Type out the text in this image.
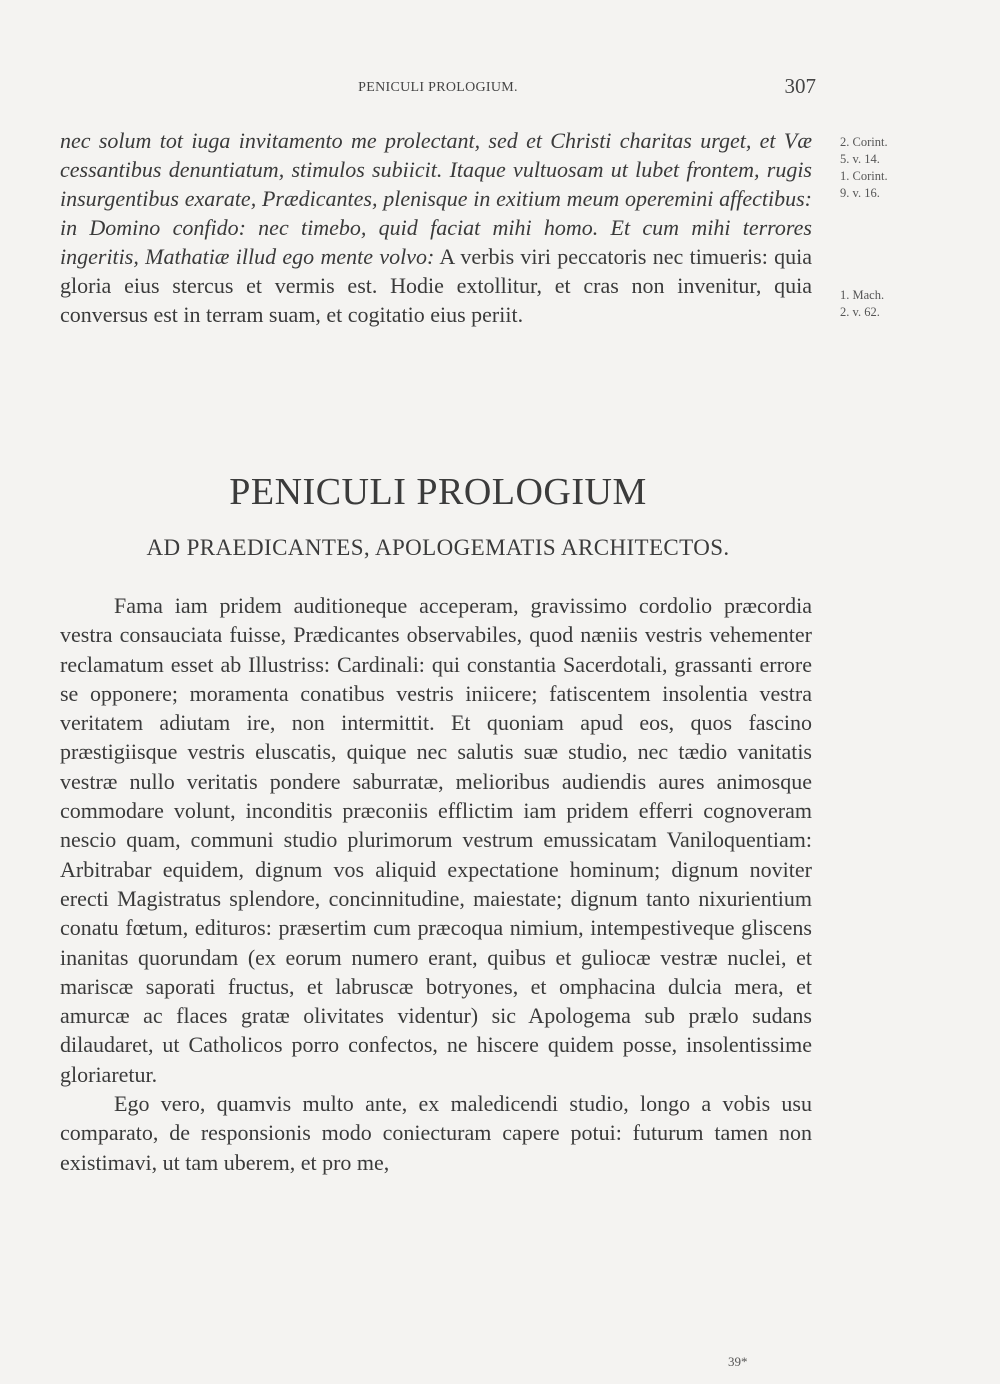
PENICULI PROLOGIUM.	307
nec solum tot iuga invitamento me prolectant, sed et Christi charitas urget, et Væ cessantibus denuntiatum, stimulos subiicit. Itaque vultuosam ut lubet frontem, rugis insurgentibus exarate, Prædicantes, plenisque in exitium meum operemini affectibus: in Domino confido: nec timebo, quid faciat mihi homo. Et cum mihi terrores ingeritis, Mathatiæ illud ego mente volvo: A verbis viri peccatoris nec timueris: quia gloria eius stercus et vermis est. Hodie extollitur, et cras non invenitur, quia conversus est in terram suam, et cogitatio eius periit.
2. Corint.
5. v. 14.
1. Corint.
9. v. 16.
1. Mach.
2. v. 62.
PENICULI PROLOGIUM
AD PRAEDICANTES, APOLOGEMATIS ARCHITECTOS.

Fama iam pridem auditioneque acceperam, gravissimo cordolio præcordia vestra consauciata fuisse, Prædicantes observabiles, quod næniis vestris vehementer reclamatum esset ab Illustriss: Cardinali: qui constantia Sacerdotali, grassanti errore se opponere; moramenta conatibus vestris iniicere; fatiscentem insolentia vestra veritatem adiutam ire, non intermittit. Et quoniam apud eos, quos fascino præstigiisque vestris eluscatis, quique nec salutis suæ studio, nec tædio vanitatis vestræ nullo veritatis pondere saburratæ, melioribus audiendis aures animosque commodare volunt, inconditis præconiis efflictim iam pridem efferri cognoveram nescio quam, communi studio plurimorum vestrum emussicatam Vaniloquentiam: Arbitrabar equidem, dignum vos aliquid expectatione hominum; dignum noviter erecti Magistratus splendore, concinnitudine, maiestate; dignum tanto nixurientium conatu fœtum, edituros: præsertim cum præcoqua nimium, intempestiveque gliscens inanitas quorundam (ex eorum numero erant, quibus et guliocæ vestræ nuclei, et mariscæ saporati fructus, et labruscæ botryones, et omphacina dulcia mera, et amurcæ ac flaces gratæ olivitates videntur) sic Apologema sub prælo sudans dilaudaret, ut Catholicos porro confectos, ne hiscere quidem posse, insolentissime gloriaretur.

Ego vero, quamvis multo ante, ex maledicendi studio, longo a vobis usu comparato, de responsionis modo coniecturam capere potui: futurum tamen non existimavi, ut tam uberem, et pro me,

39*
